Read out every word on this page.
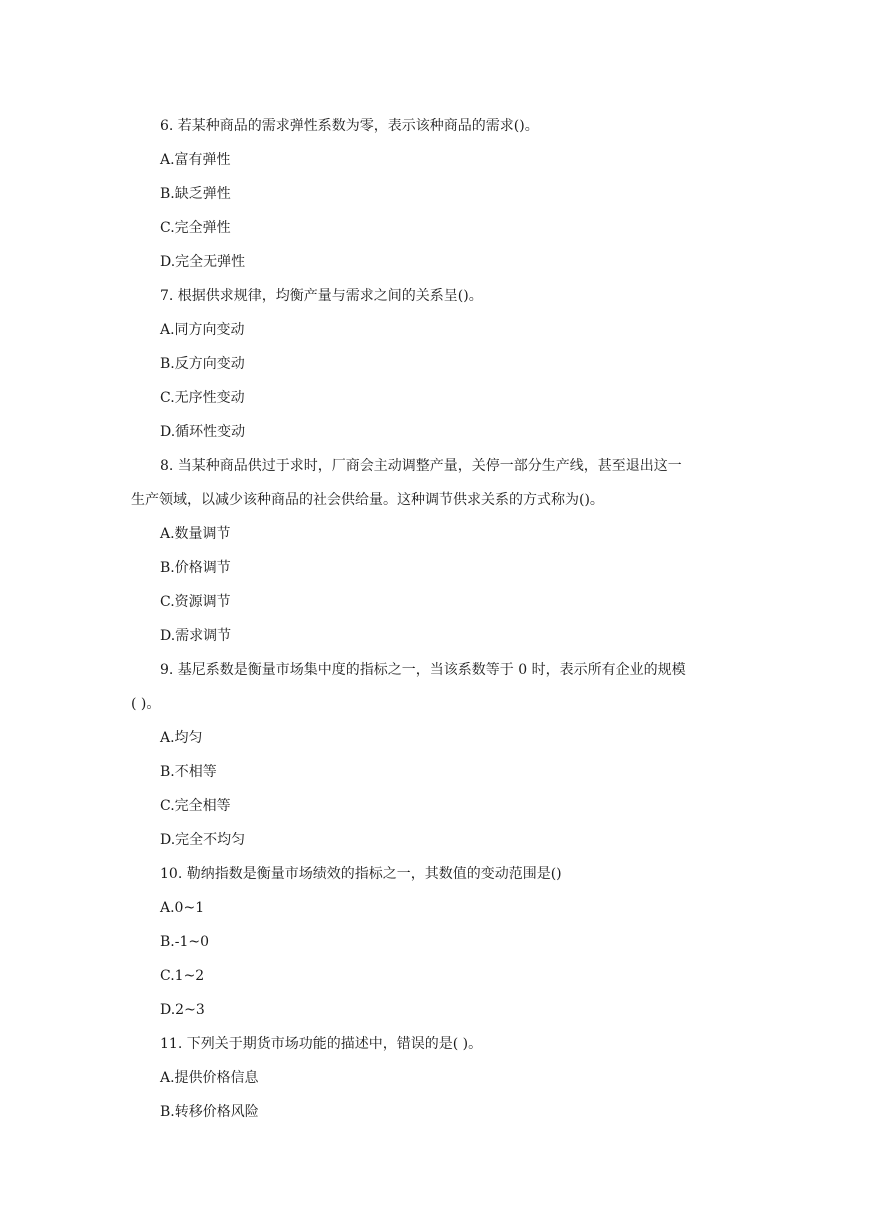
6. 若某种商品的需求弹性系数为零，表示该种商品的需求()。
A.富有弹性
B.缺乏弹性
C.完全弹性
D.完全无弹性
7. 根据供求规律，均衡产量与需求之间的关系呈()。
A.同方向变动
B.反方向变动
C.无序性变动
D.循环性变动
8. 当某种商品供过于求时，厂商会主动调整产量，关停一部分生产线，甚至退出这一
生产领域，以减少该种商品的社会供给量。这种调节供求关系的方式称为()。
A.数量调节
B.价格调节
C.资源调节
D.需求调节
9. 基尼系数是衡量市场集中度的指标之一，当该系数等于 0 时，表示所有企业的规模
( )。
A.均匀
B.不相等
C.完全相等
D.完全不均匀
10. 勒纳指数是衡量市场绩效的指标之一，其数值的变动范围是()
A.0~1
B.-1~0
C.1~2
D.2~3
11. 下列关于期货市场功能的描述中，错误的是( )。
A.提供价格信息
B.转移价格风险
